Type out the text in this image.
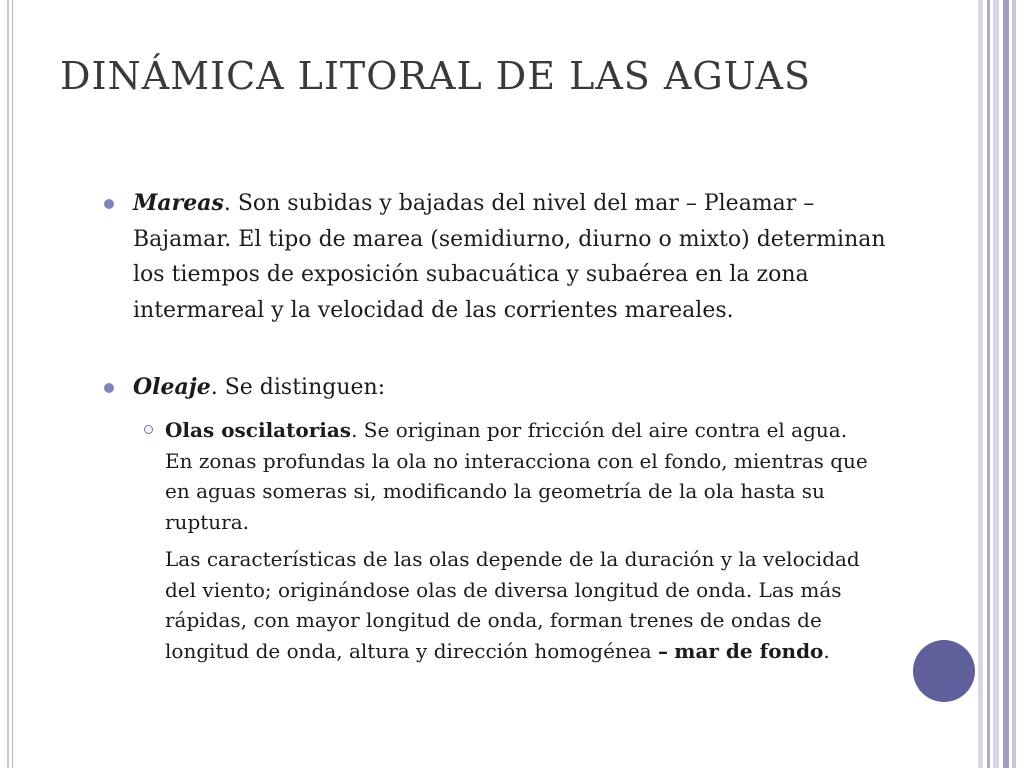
DINÁMICA LITORAL DE LAS AGUAS
Mareas. Son subidas y bajadas del nivel del mar – Pleamar – Bajamar. El tipo de marea (semidiurno, diurno o mixto) determinan los tiempos de exposición subacuática y subaérea en la zona intermareal y la velocidad de las corrientes mareales.
Oleaje. Se distinguen:
Olas oscilatorias. Se originan por fricción del aire contra el agua. En zonas profundas la ola no interacciona con el fondo, mientras que en aguas someras si, modificando la geometría de la ola hasta su ruptura.
Las características de las olas depende de la duración y la velocidad del viento; originándose olas de diversa longitud de onda. Las más rápidas, con mayor longitud de onda, forman trenes de ondas de longitud de onda, altura y dirección homogénea – mar de fondo.
